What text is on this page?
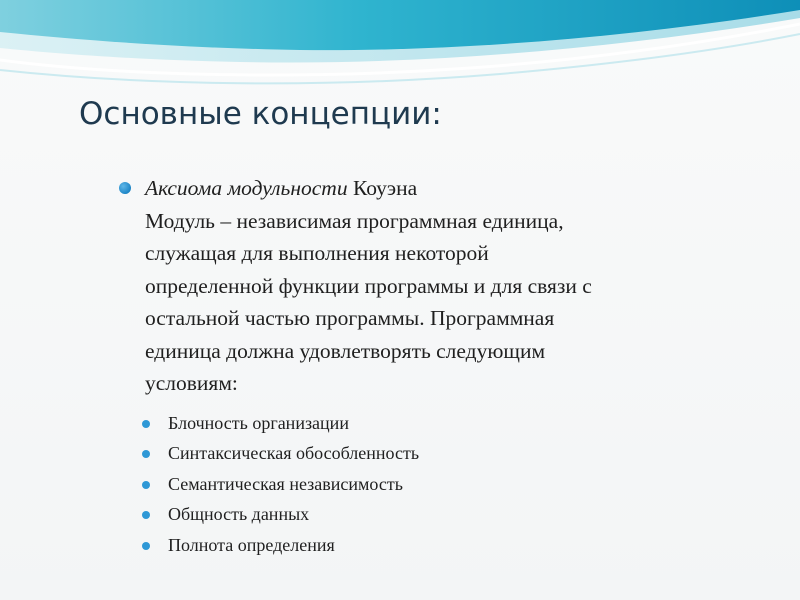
Основные концепции:
Аксиома модульности Коуэна
Модуль – независимая программная единица,
служащая для выполнения некоторой
определенной функции программы и для связи с
остальной частью программы. Программная
единица должна удовлетворять следующим
условиям:
Блочность организации
Синтаксическая обособленность
Семантическая независимость
Общность данных
Полнота определения
